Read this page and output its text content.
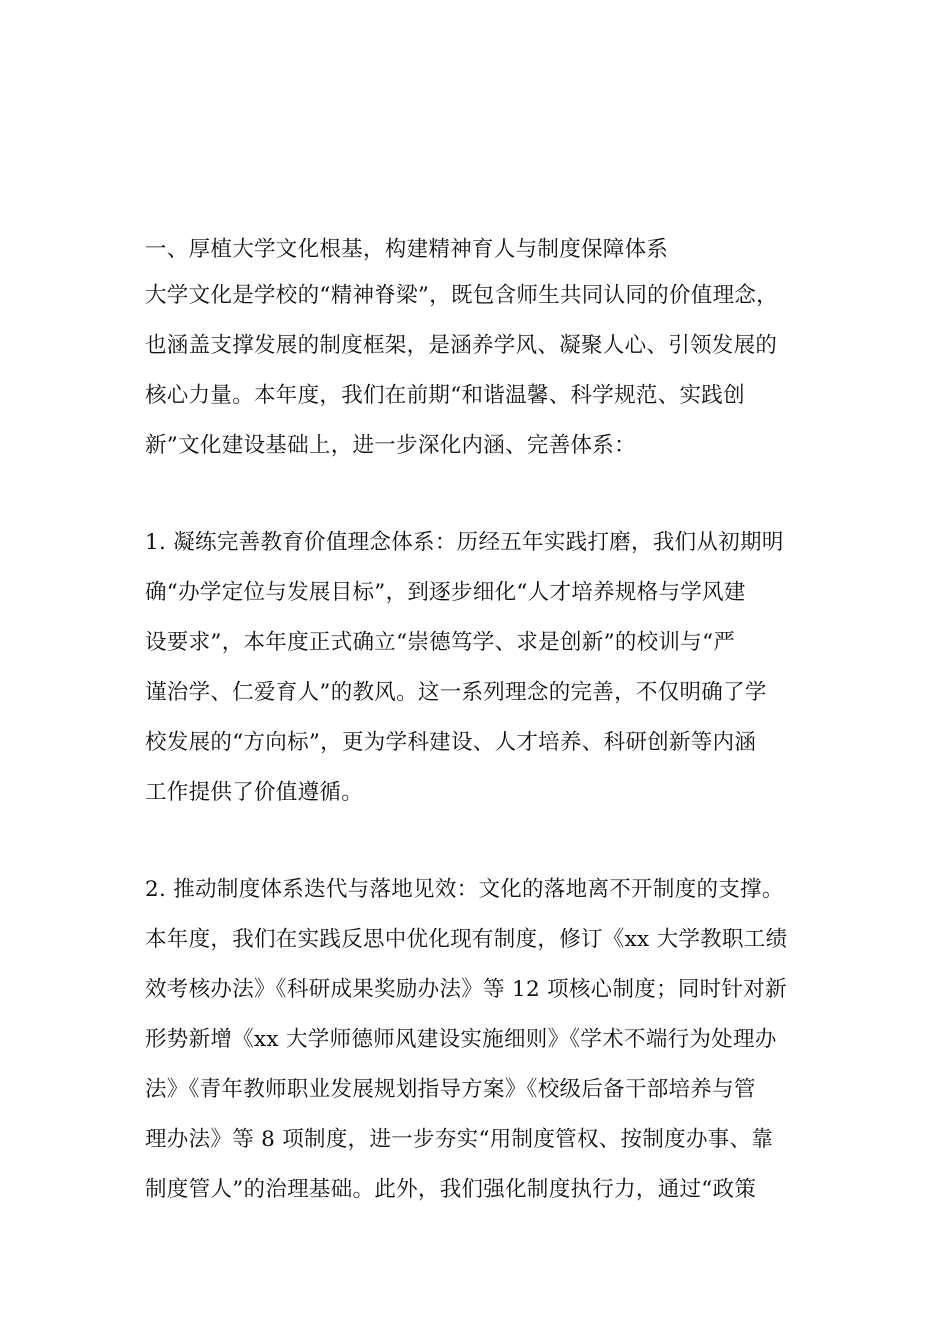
一、厚植大学文化根基，构建精神育人与制度保障体系
大学文化是学校的“精神脊梁”，既包含师生共同认同的价值理念，
也涵盖支撑发展的制度框架，是涵养学风、凝聚人心、引领发展的
核心力量。本年度，我们在前期“和谐温馨、科学规范、实践创
新”文化建设基础上，进一步深化内涵、完善体系：
1. 凝练完善教育价值理念体系：历经五年实践打磨，我们从初期明
确“办学定位与发展目标”，到逐步细化“人才培养规格与学风建
设要求”，本年度正式确立“崇德笃学、求是创新”的校训与“严
谨治学、仁爱育人”的教风。这一系列理念的完善，不仅明确了学
校发展的“方向标”，更为学科建设、人才培养、科研创新等内涵
工作提供了价值遵循。
2. 推动制度体系迭代与落地见效：文化的落地离不开制度的支撑。
本年度，我们在实践反思中优化现有制度，修订《xx 大学教职工绩
效考核办法》《科研成果奖励办法》等 12 项核心制度；同时针对新
形势新增《xx 大学师德师风建设实施细则》《学术不端行为处理办
法》《青年教师职业发展规划指导方案》《校级后备干部培养与管
理办法》等 8 项制度，进一步夯实“用制度管权、按制度办事、靠
制度管人”的治理基础。此外，我们强化制度执行力，通过“政策
